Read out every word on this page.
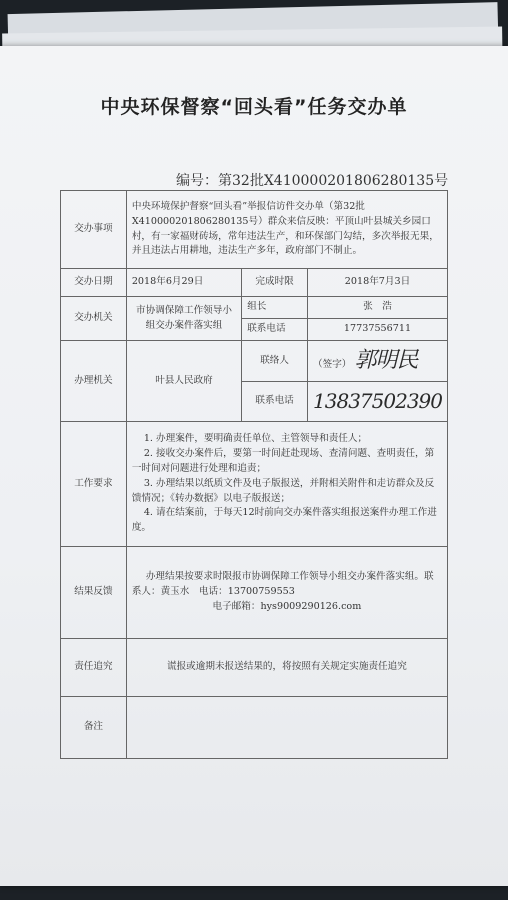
中央环保督察“回头看”任务交办单
编号：第32批X410000201806280135号
交办事项	中央环境保护督察“回头看”举报信访件交办单（第32批X410000201806280135号）群众来信反映：平顶山叶县城关乡园口村，有一家福财砖场，常年违法生产，和环保部门勾结，多次举报无果，并且违法占用耕地，违法生产多年，政府部门不制止。		
交办日期	2018年6月29日	完成时限	2018年7月3日
交办机关	市协调保障工作领导小组交办案件落实组	组长	张　浩
		联系电话	17737556711
办理机关	叶县人民政府	联络人	（签字） 郭明民
		联系电话	13837502390
工作要求	1. 办理案件，要明确责任单位、主管领导和责任人；

2. 接收交办案件后，要第一时间赶赴现场、查清问题、查明责任，第一时间对问题进行处理和追责；

3. 办理结果以纸质文件及电子版报送，并附相关附件和走访群众及反馈情况；《转办数据》以电子版报送；

4. 请在结案前，于每天12时前向交办案件落实组报送案件办理工作进度。		

结果反馈	办理结果按要求时限报市协调保障工作领导小组交办案件落实组。联系人：黄玉水　电话：13700759553

电子邮箱：hys9009290126.com		

责任追究	谎报或逾期未报送结果的，将按照有关规定实施责任追究		
备注			
